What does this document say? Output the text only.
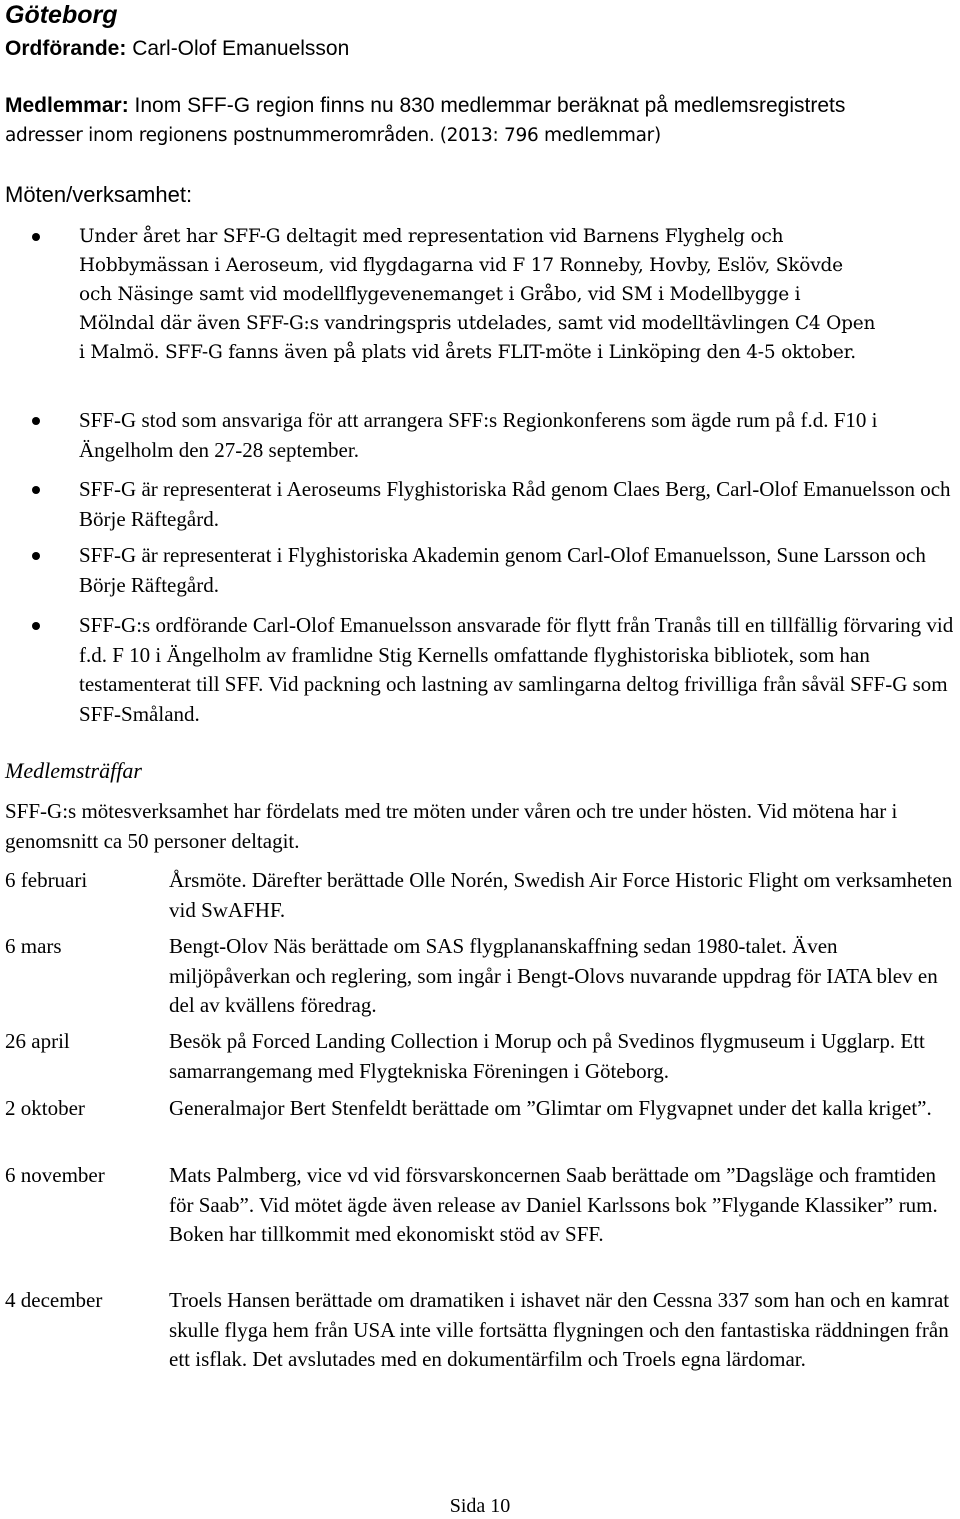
Göteborg

Ordförande: Carl-Olof Emanuelsson

Medlemmar: Inom SFF-G region finns nu 830 medlemmar beräknat på medlemsregistrets

adresser inom regionens postnummerområden. (2013: 796 medlemmar)

Möten/verksamhet:

Under året har SFF-G deltagit med representation vid Barnens Flyghelg och Hobbymässan i Aeroseum, vid flygdagarna vid F 17 Ronneby, Hovby, Eslöv, Skövde och Näsinge samt vid modellflygevenemanget i Gråbo, vid SM i Modellbygge i Mölndal där även SFF-G:s vandringspris utdelades, samt vid modelltävlingen C4 Open i Malmö. SFF-G fanns även på plats vid årets FLIT-möte i Linköping den 4-5 oktober.

SFF-G stod som ansvariga för att arrangera SFF:s Regionkonferens som ägde rum på f.d. F10 i Ängelholm den 27-28 september.

SFF-G är representerat i Aeroseums Flyghistoriska Råd genom Claes Berg, Carl-Olof Emanuelsson och Börje Räftegård.

SFF-G är representerat i Flyghistoriska Akademin genom Carl-Olof Emanuelsson, Sune Larsson och Börje Räftegård.

SFF-G:s ordförande Carl-Olof Emanuelsson ansvarade för flytt från Tranås till en tillfällig förvaring vid f.d. F 10 i Ängelholm av framlidne Stig Kernells omfattande flyghistoriska bibliotek, som han testamenterat till SFF. Vid packning och lastning av samlingarna deltog frivilliga från såväl SFF-G som SFF-Småland.

Medlemsträffar

SFF-G:s mötesverksamhet har fördelats med tre möten under våren och tre under hösten. Vid mötena har i genomsnitt ca 50 personer deltagit.

6 februari	Årsmöte. Därefter berättade Olle Norén, Swedish Air Force Historic Flight om verksamheten vid SwAFHF.

6 mars	Bengt-Olov Näs berättade om SAS flygplananskaffning sedan 1980-talet. Även miljöpåverkan och reglering, som ingår i Bengt-Olovs nuvarande uppdrag för IATA blev en del av kvällens föredrag.

26 april	Besök på Forced Landing Collection i Morup och på Svedinos flygmuseum i Ugglarp. Ett samarrangemang med Flygtekniska Föreningen i Göteborg.

2 oktober	Generalmajor Bert Stenfeldt berättade om ”Glimtar om Flygvapnet under det kalla kriget”.

6 november	Mats Palmberg, vice vd vid försvarskoncernen Saab berättade om ”Dagsläge och framtiden för Saab”. Vid mötet ägde även release av Daniel Karlssons bok ”Flygande Klassiker” rum. Boken har tillkommit med ekonomiskt stöd av SFF.

4 december	Troels Hansen berättade om dramatiken i ishavet när den Cessna 337 som han och en kamrat skulle flyga hem från USA inte ville fortsätta flygningen och den fantastiska räddningen från ett isflak. Det avslutades med en dokumentärfilm och Troels egna lärdomar.

Sida 10
